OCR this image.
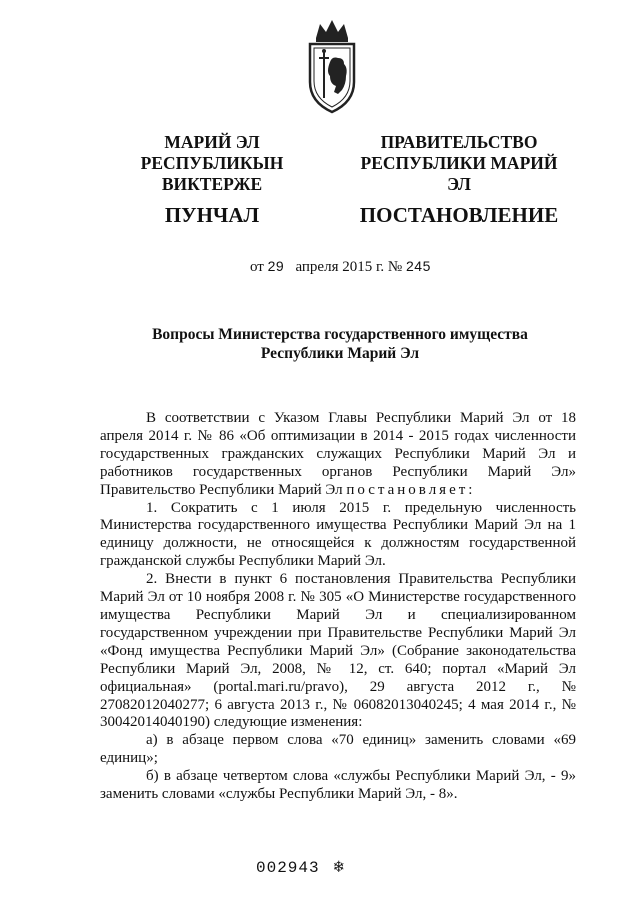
МАРИЙ ЭЛ РЕСПУБЛИКЫН
ВИКТЕРЖЕ
ПУНЧАЛ
ПРАВИТЕЛЬСТВО
РЕСПУБЛИКИ МАРИЙ ЭЛ
ПОСТАНОВЛЕНИЕ
от 29 апреля 2015 г. № 245
Вопросы Министерства государственного имущества
Республики Марий Эл

В соответствии с Указом Главы Республики Марий Эл от 18 апреля 2014 г. № 86 «Об оптимизации в 2014 - 2015 годах численности государственных гражданских служащих Республики Марий Эл и работников государственных органов Республики Марий Эл» Правительство Республики Марий Эл постановляет:

1. Сократить с 1 июля 2015 г. предельную численность Министерства государственного имущества Республики Марий Эл на 1 единицу должности, не относящейся к должностям государственной гражданской службы Республики Марий Эл.

2. Внести в пункт 6 постановления Правительства Республики Марий Эл от 10 ноября 2008 г. № 305 «О Министерстве государственного имущества Республики Марий Эл и специализированном государственном учреждении при Правительстве Республики Марий Эл «Фонд имущества Республики Марий Эл» (Собрание законодательства Республики Марий Эл, 2008, № 12, ст. 640; портал «Марий Эл официальная» (portal.mari.ru/pravo), 29 августа 2012 г., № 27082012040277; 6 августа 2013 г., № 06082013040245; 4 мая 2014 г., № 30042014040190) следующие изменения:

а) в абзаце первом слова «70 единиц» заменить словами «69 единиц»;

б) в абзаце четвертом слова «службы Республики Марий Эл, - 9» заменить словами «службы Республики Марий Эл, - 8».

002943 ❄
